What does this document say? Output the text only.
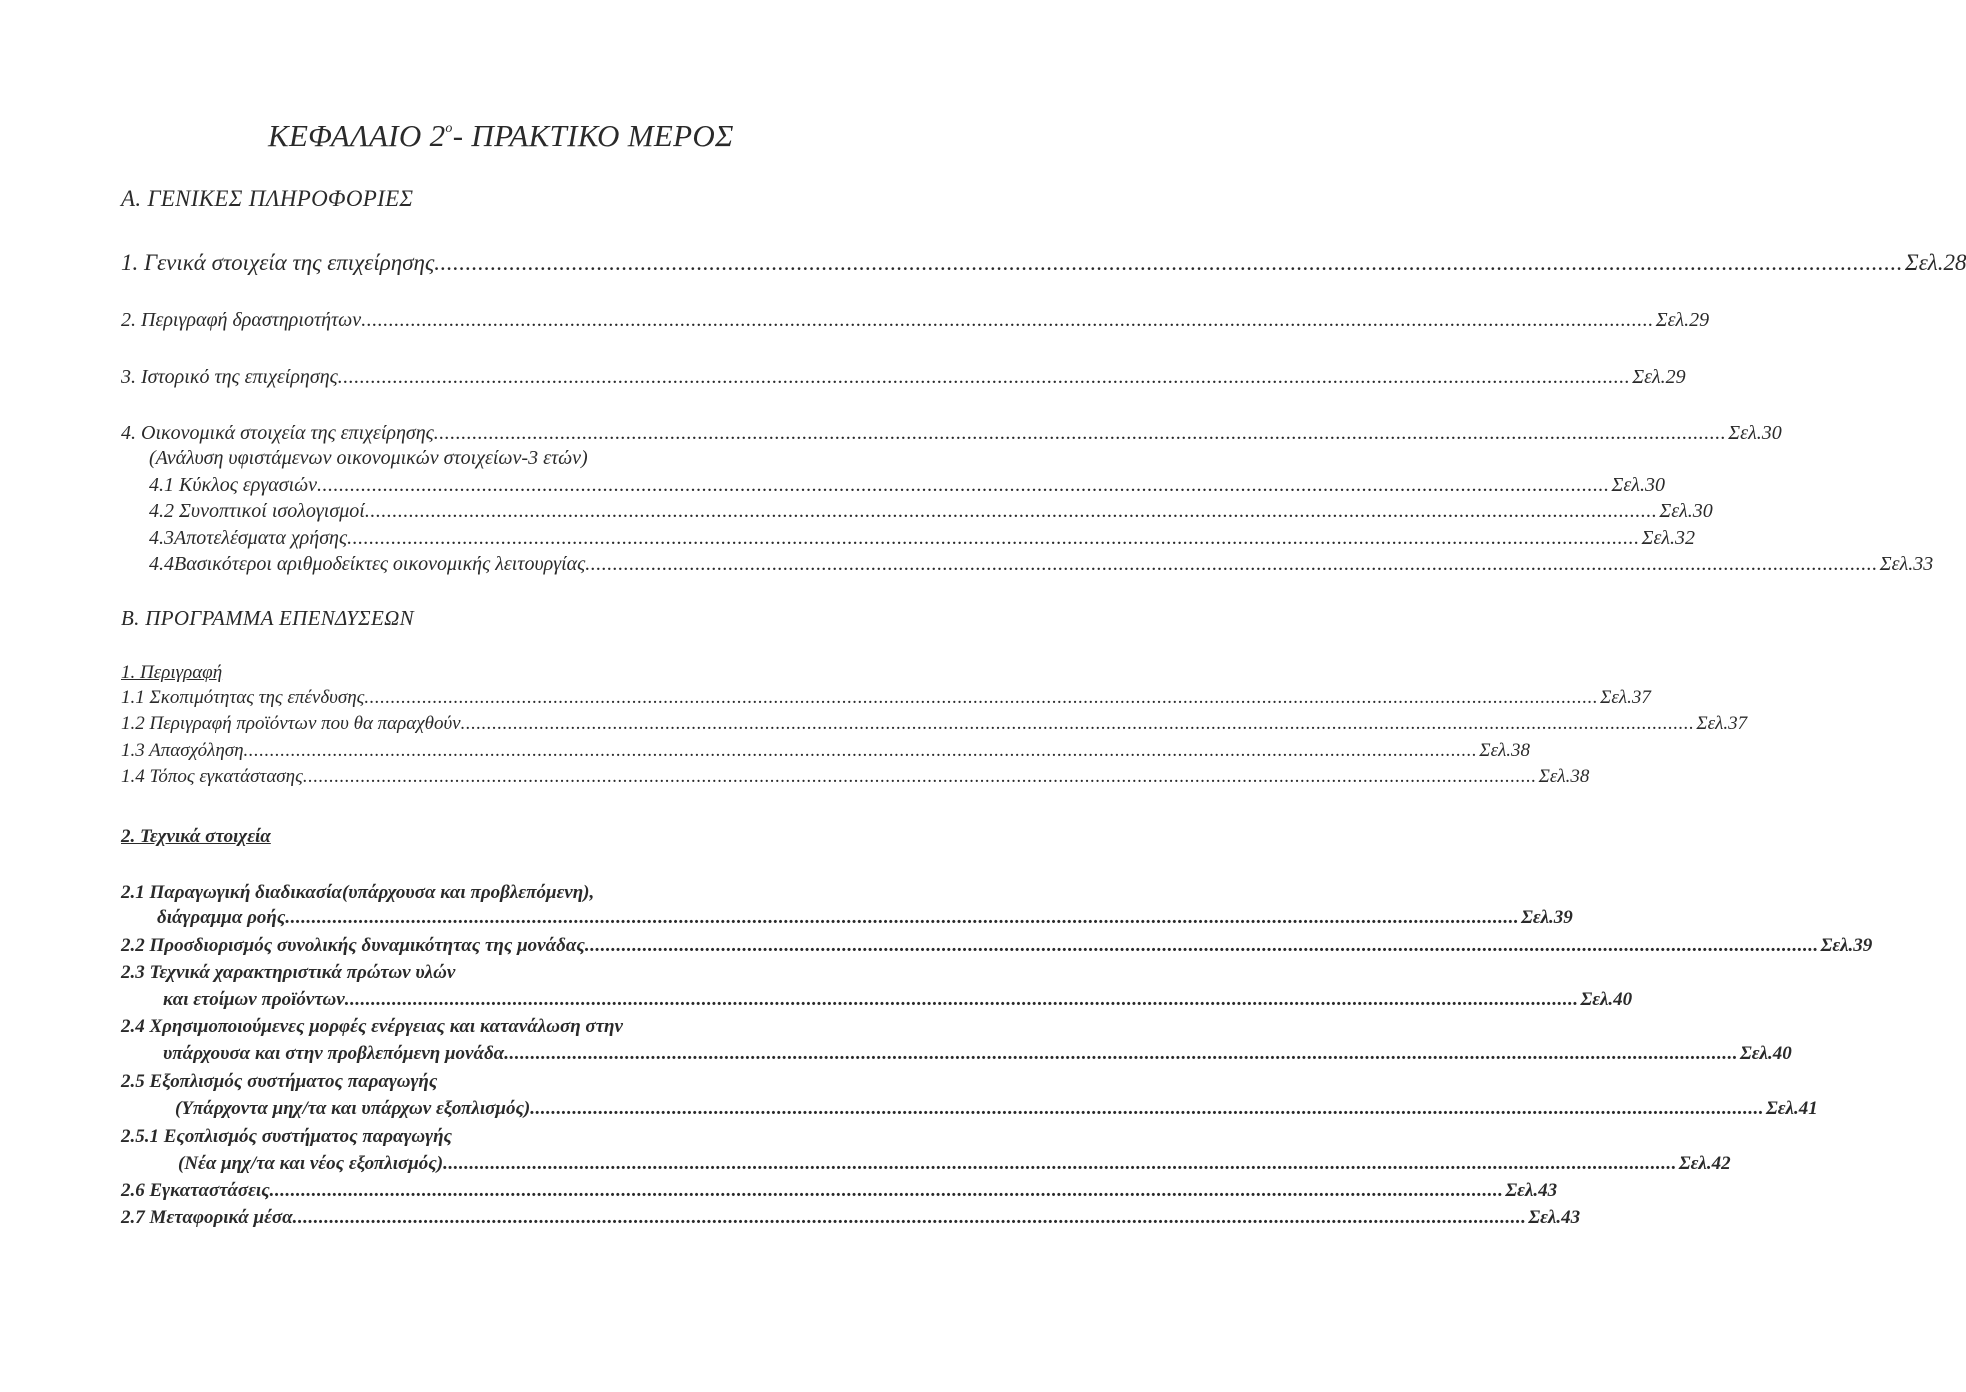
ΚΕΦΑΛΑΙΟ $2^o-$ ΠΡΑΚΤΙΚΟ ΜΕΡΟΣ
Α. ΓΕΝΙΚΕΣ ΠΛΗΡΟΦΟΡΙΕΣ
1. Γενικά στοιχεία της επιχείρησης .....	Σελ.28
2. Περιγραφή δραστηριοτήτων .....	Σελ.29
3. Ιστορικό της επιχείρησης .....	Σελ.29
4. Οικονομικά στοιχεία της επιχείρησης .....	Σελ.30
(Ανάλυση υφιστάμενων οικονομικών στοιχείων-3 ετών)
4.1 Κύκλος εργασιών .....	Σελ.30
4.2 Συνοπτικοί ισολογισμοί .....	Σελ.30
4.3Αποτελέσματα χρήσης .....	Σελ.32
4.4Βασικότεροι αριθμοδείκτες οικονομικής λειτουργίας .....	Σελ.33
Β. ΠΡΟΓΡΑΜΜΑ ΕΠΕΝΔΥΣΕΩΝ
1. Περιγραφή
1.1 Σκοπιμότητας της επένδυσης .....	Σελ.37
1.2 Περιγραφή προϊόντων που θα παραχθούν .....	Σελ.37
1.3 Απασχόληση .....	Σελ.38
1.4 Τόπος εγκατάστασης .....	Σελ.38
2. Τεχνικά στοιχεία
2.1 Παραγωγική διαδικασία(υπάρχουσα και προβλεπόμενη),
διάγραμμα ροής .....	Σελ.39
2.2 Προσδιορισμός συνολικής δυναμικότητας της μονάδας .....	Σελ.39
2.3 Τεχνικά χαρακτηριστικά πρώτων υλών
και ετοίμων προϊόντων .....	Σελ.40
2.4 Χρησιμοποιούμενες μορφές ενέργειας και κατανάλωση στην
υπάρχουσα και στην προβλεπόμενη μονάδα .....	Σελ.40
2.5 Εξοπλισμός συστήματος παραγωγής
(Υπάρχοντα μηχ/τα και υπάρχων εξοπλισμός) .....	Σελ.41
2.5.1 Εςοπλισμός συστήματος παραγωγής
(Νέα μηχ/τα και νέος εξοπλισμός) .....	Σελ.42
2.6 Εγκαταστάσεις .....	Σελ.43
2.7 Μεταφορικά μέσα .....	Σελ.43
